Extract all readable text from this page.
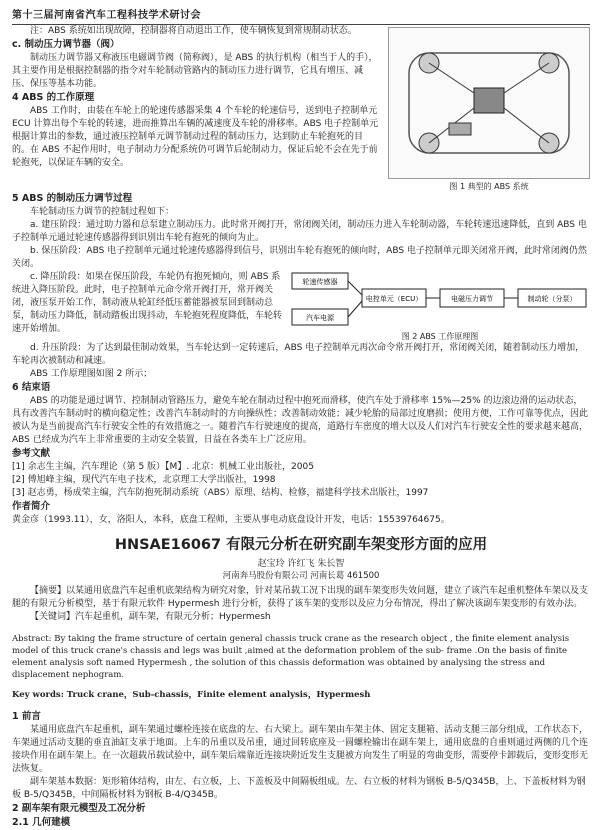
第十三届河南省汽车工程科技学术研讨会

注：ABS 系统如出现故障，控制器将自动退出工作，使车辆恢复到常规制动状态。

c. 制动压力调节器（阀）

制动压力调节器又称液压电磁调节阀（简称阀），是 ABS 的执行机构（相当于人的手），其主要作用是根据控制器的指令对车轮制动管路内的制动压力进行调节，它具有增压、减压、保压等基本功能。

4 ABS 的工作原理

ABS 工作时，由装在车轮上的轮速传感器采集 4 个车轮的轮速信号，送到电子控制单元 ECU 计算出每个车轮的转速，进而推算出车辆的减速度及车轮的滑移率。ABS 电子控制单元根据计算出的参数，通过液压控制单元调节制动过程的制动压力，达到防止车轮抱死的目的。在 ABS 不起作用时，电子制动力分配系统仍可调节后轮制动力，保证后轮不会在先于前轮抱死，以保证车辆的安全。

图 1 典型的 ABS 系统

5 ABS 的制动压力调节过程

车轮制动压力调节的控制过程如下：

a. 建压阶段：通过助力器和总泵建立制动压力。此时常开阀打开，常闭阀关闭，制动压力进入车轮制动器，车轮转速迅速降低，直到 ABS 电子控制单元通过轮速传感器得到识别出车轮有抱死的倾向为止。

b. 保压阶段：ABS 电子控制单元通过轮速传感器得到信号，识别出车轮有抱死的倾向时，ABS 电子控制单元即关闭常开阀，此时常闭阀仍然关闭。

c. 降压阶段：如果在保压阶段，车轮仍有抱死倾向，则 ABS 系统进入降压阶段。此时，电子控制单元命令常开阀打开，常开阀关闭，液压泵开始工作，制动液从轮缸经低压蓄能器被泵回到制动总泵，制动压力降低，制动踏板出现抖动，车轮抱死程度降低，车轮转速开始增加。

轮速传感器
电控单元（ECU）	电磁压力调节	制动轮（分泵）
汽车电源
图 2 ABS 工作原理图

d. 升压阶段：为了达到最佳制动效果，当车轮达到一定转速后，ABS 电子控制单元再次命令常开阀打开，常闭阀关闭，随着制动压力增加，车轮再次被制动和减速。

ABS 工作原理图如图 2 所示；

6 结束语

ABS 的功能是通过调节、控制制动管路压力，避免车轮在制动过程中抱死而滑移，使汽车处于滑移率 15%—25% 的边滚边滑的运动状态，具有改善汽车制动时的横向稳定性；改善汽车制动时的方向操纵性；改善制动效能；减少轮胎的局部过度磨损；使用方便，工作可靠等优点，因此被认为是当前提高汽车行驶安全性的有效措施之一。随着汽车行驶速度的提高，道路行车密度的增大以及人们对汽车行驶安全性的要求越来越高，ABS 已经成为汽车上非常重要的主动安全装置，日益在各类车上广泛应用。

参考文献

[1] 余志生主编，汽车理论（第 5 版）【M】. 北京：机械工业出版社，2005

[2] 傅旭峰主编，现代汽车电子技术，北京理工大学出版社，1998

[3] 赵志勇，杨成荣主编，汽车防抱死制动系统（ABS）原理、结构、检修，福建科学技术出版社，1997

作者简介

黄金彦（1993.11），女，洛阳人，本科，底盘工程师，主要从事电动底盘设计开发，电话：15539764675。

HNSAE16067 有限元分析在研究副车架变形方面的应用

赵宝玲 许红飞 朱长智

河南奔马股份有限公司 河南长葛 461500

【摘要】以某通用底盘汽车起重机底架结构为研究对象，针对某吊载工况下出现的副车架变形失效问题，建立了该汽车起重机整体车架以及支腿的有限元分析模型，基于有限元软件 Hypermesh 进行分析，获得了该车架的变形以及应力分布情况，得出了解决该副车架变形的有效办法。

【关键词】汽车起重机，副车架，有限元分析；Hypermesh

Abstract: By taking the frame structure of certain general chassis truck crane as the research object , the finite element analysis model of this truck crane's chassis and legs was built ,aimed at the deformation problem of the sub- frame .On the basis of finite element analysis soft named Hypermesh , the solution of this chassis deformation was obtained by analysing the stress and displacement nephogram.

Key words: Truck crane，Sub-chassis，Finite element analysis，Hypermesh

1 前言

某通用底盘汽车起重机，副车架通过螺栓连接在底盘的左、右大梁上。副车架由车架主体、固定支腿箱、活动支腿三部分组成，工作状态下，车架通过活动支腿的垂直油缸支承于地面。上车的吊重以及吊重，通过回转底座及一圆螺栓输出在副车架上，通用底盘的自重则通过两侧的几个连接块作用在副车架上。在一次超载吊载试验中，副车架后端靠近连接块附近发生支腿被方向发生了明显的弯曲变形，需要停卡卸载后，变形变形无法恢复。

副车架基本数据：矩形箱体结构，由左、右立板，上、下盖板及中间隔板组成。左、右立板的材料为钢板 B-5/Q345B，上、下盖板材料为钢板 B-5/Q345B，中间隔板材料为钢板 B-4/Q345B。

2 副车架有限元模型及工况分析

2.1 几何建模
